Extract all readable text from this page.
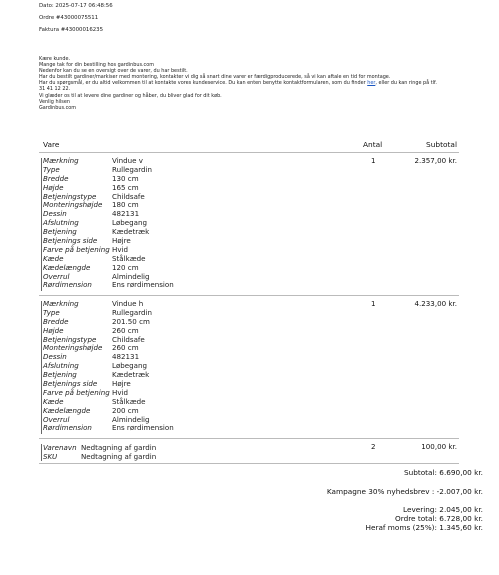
Dato: 2025-07-17 06:48:56
Ordre #43000075511
Faktura #43000016235
Kære kunde.
Mange tak for din bestilling hos gardinbus.com
Nedenfor kan du se en oversigt over de varer, du har bestilt.
Har du bestilt gardiner/markiser med montering, kontakter vi dig så snart dine varer er færdigproducerede, så vi kan aftale en tid for montage.
Har du spørgsmål, er du altid velkommen til at kontakte vores kundeservice. Du kan enten benytte kontaktformularen, som du finder her, eller du kan ringe på tlf.
31 41 12 22.
Vi glæder os til at levere dine gardiner og håber, du bliver glad for dit køb.
Venlig hilsen
Gardinbus.com
Vare	Antal	Subtotal
1	2.357,00 kr.
Mærkning	Vindue v
Type	Rullegardin
Bredde	130 cm
Højde	165 cm
Betjeningstype Childsafe
Monteringshøjde 180 cm
Dessin	482131
Afslutning	Løbegang
Betjening	Kædetræk
Betjenings side Højre
Farve på betjening Hvid
Kæde	Stålkæde
Kædelængde	120 cm
Overrul	Almindelig
Rørdimension	Ens rørdimension
1	4.233,00 kr.
Mærkning	Vindue h
Type	Rullegardin
Bredde	201.50 cm
Højde	260 cm
Betjeningstype Childsafe
Monteringshøjde 260 cm
Dessin	482131
Afslutning	Løbegang
Betjening	Kædetræk
Betjenings side Højre
Farve på betjening Hvid
Kæde	Stålkæde
Kædelængde	200 cm
Overrul	Almindelig
Rørdimension	Ens rørdimension
2	100,00 kr.
Varenavn Nedtagning af gardin
SKU	Nedtagning af gardin
Subtotal: 6.690,00 kr.
Kampagne 30% nyhedsbrev : -2.007,00 kr.
Levering: 2.045,00 kr.
Ordre total: 6.728,00 kr.
Heraf moms (25%): 1.345,60 kr.
